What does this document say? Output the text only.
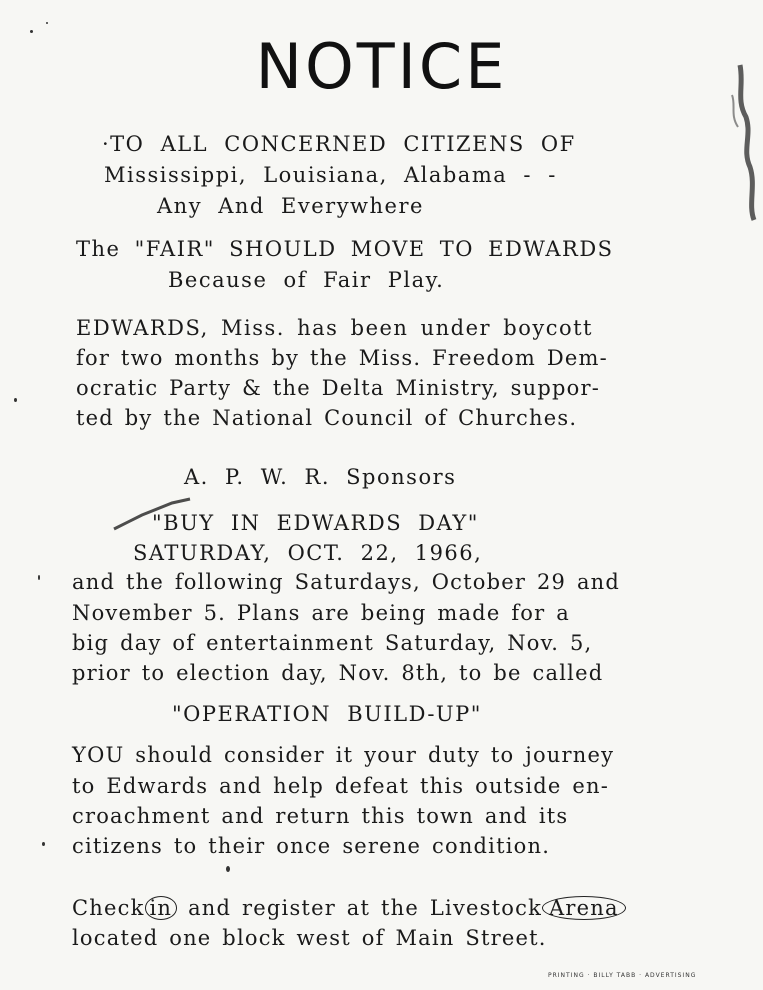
NOTICE
·TO ALL CONCERNED CITIZENS OF
Mississippi, Louisiana, Alabama - -
Any And Everywhere
The "FAIR" SHOULD MOVE TO EDWARDS
Because of Fair Play.
EDWARDS, Miss. has been under boycott
for two months by the Miss. Freedom Dem-
ocratic Party & the Delta Ministry, suppor-
ted by the National Council of Churches.
A. P. W. R. Sponsors
"BUY IN EDWARDS DAY"
SATURDAY, OCT. 22, 1966,
and the following Saturdays, October 29 and
November 5. Plans are being made for a
big day of entertainment Saturday, Nov. 5,
prior to election day, Nov. 8th, to be called
"OPERATION BUILD-UP"
YOU should consider it your duty to journey
to Edwards and help defeat this outside en-
croachment and return this town and its
citizens to their once serene condition.
Check in and register at the Livestock Arena
located one block west of Main Street.
PRINTING · BILLY TABB · ADVERTISING
